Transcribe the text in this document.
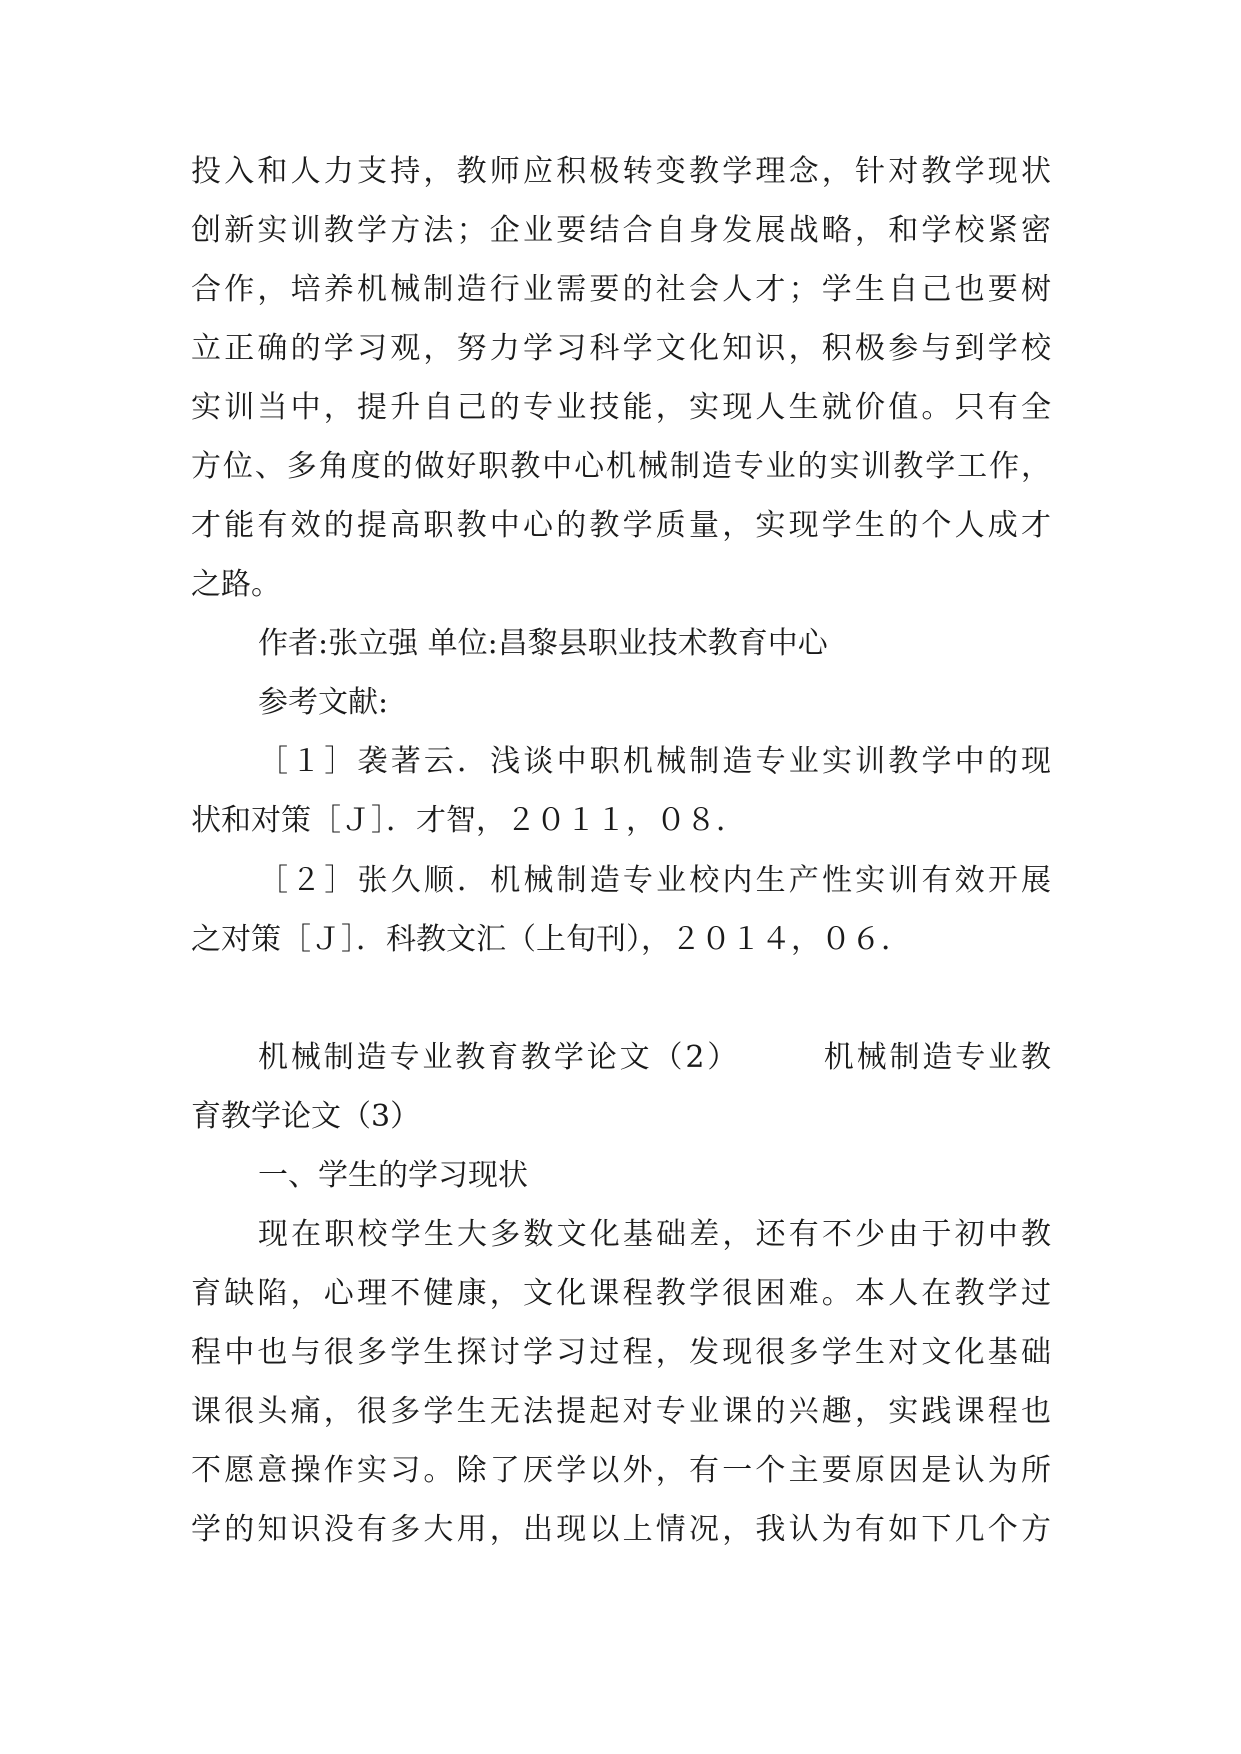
投入和人力支持，教师应积极转变教学理念，针对教学现状
创新实训教学方法；企业要结合自身发展战略，和学校紧密
合作，培养机械制造行业需要的社会人才；学生自己也要树
立正确的学习观，努力学习科学文化知识，积极参与到学校
实训当中，提升自己的专业技能，实现人生就价值。只有全
方位、多角度的做好职教中心机械制造专业的实训教学工作，
才能有效的提高职教中心的教学质量，实现学生的个人成才
之路。
作者:张立强 单位:昌黎县职业技术教育中心
参考文献:
［１］袭著云．浅谈中职机械制造专业实训教学中的现
状和对策［Ｊ］．才智，２０１１，０８．
［２］张久顺．机械制造专业校内生产性实训有效开展
之对策［Ｊ］．科教文汇（上旬刊），２０１４，０６．
机械制造专业教育教学论文（2）　　　机械制造专业教
育教学论文（3）
一、学生的学习现状
现在职校学生大多数文化基础差，还有不少由于初中教
育缺陷，心理不健康，文化课程教学很困难。本人在教学过
程中也与很多学生探讨学习过程，发现很多学生对文化基础
课很头痛，很多学生无法提起对专业课的兴趣，实践课程也
不愿意操作实习。除了厌学以外，有一个主要原因是认为所
学的知识没有多大用，出现以上情况，我认为有如下几个方
